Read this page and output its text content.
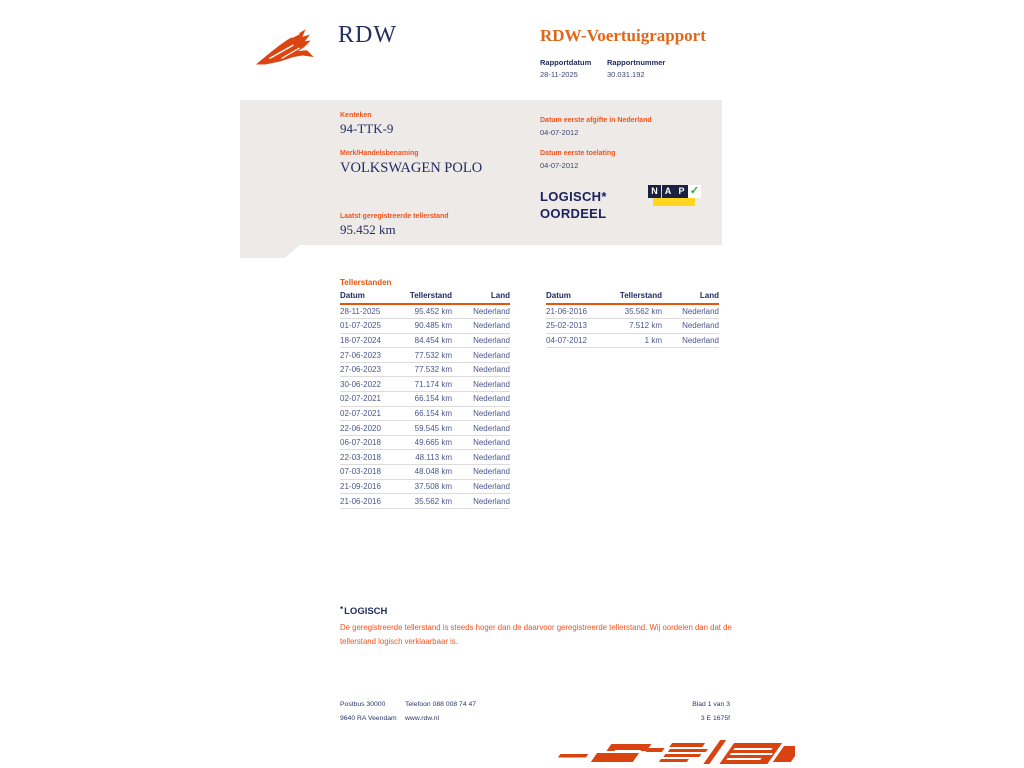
RDW	RDW-Voertuigrapport
Rapportdatum
28-11-2025
Rapportnummer
30.031.192
Kenteken
94-TTK-9
Merk/Handelsbenaming
VOLKSWAGEN POLO
Laatst geregistreerde tellerstand
95.452 km
Datum eerste afgifte in Nederland
04-07-2012
Datum eerste toelating
04-07-2012
LOGISCH*
OORDEEL
N A P ✓
Tellerstanden
Datum	Tellerstand	Land
28-11-2025	95.452 km	Nederland
01-07-2025	90.485 km	Nederland
18-07-2024	84.454 km	Nederland
27-06-2023	77.532 km	Nederland
27-06-2023	77.532 km	Nederland
30-06-2022	71.174 km	Nederland
02-07-2021	66.154 km	Nederland
02-07-2021	66.154 km	Nederland
22-06-2020	59.545 km	Nederland
06-07-2018	49.665 km	Nederland
22-03-2018	48.113 km	Nederland
07-03-2018	48.048 km	Nederland
21-09-2016	37.508 km	Nederland
21-06-2016	35.562 km	Nederland
Datum	Tellerstand	Land
21-06-2016	35.562 km	Nederland
25-02-2013	7.512 km	Nederland
04-07-2012	1 km	Nederland
*LOGISCH
De geregistreerde tellerstand is steeds hoger dan de daarvoor geregistreerde tellerstand. Wij oordelen dan dat de tellerstand logisch verklaarbaar is.
Postbus 30000
9640 RA Veendam
Telefoon 088 008 74 47
www.rdw.nl
Blad 1 van 3
3 E 1675f
